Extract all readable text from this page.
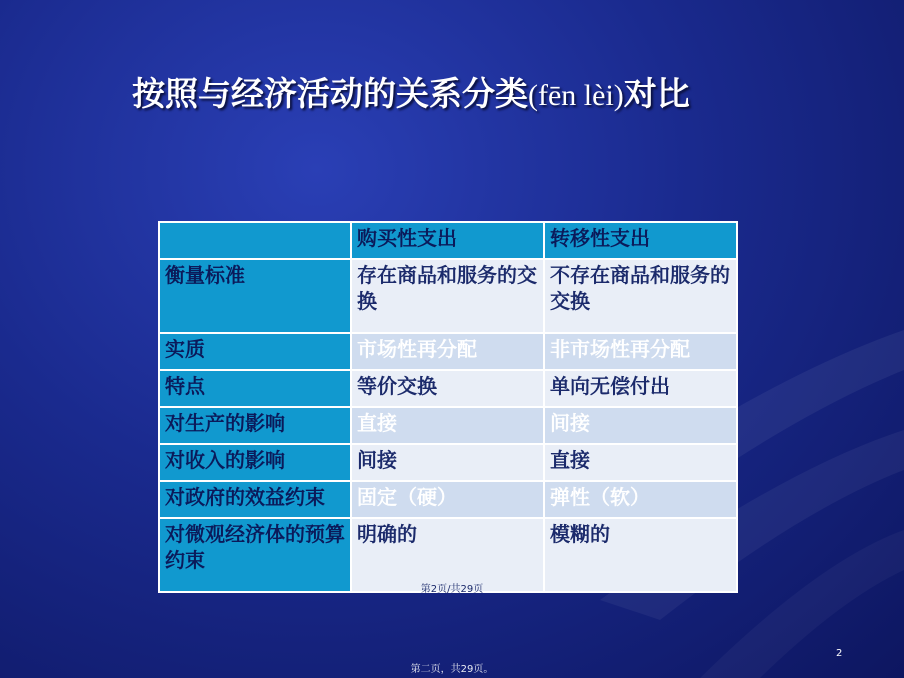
按照与经济活动的关系分类(fēn lèi)对比
	购买性支出	转移性支出
衡量标准	存在商品和服务的交换	不存在商品和服务的交换
实质	市场性再分配	非市场性再分配
特点	等价交换	单向无偿付出
对生产的影响	直接	间接
对收入的影响	间接	直接
对政府的效益约束	固定（硬）	弹性（软）
对微观经济体的预算约束	明确的	模糊的
第2页/共29页
2
第二页，共29页。
